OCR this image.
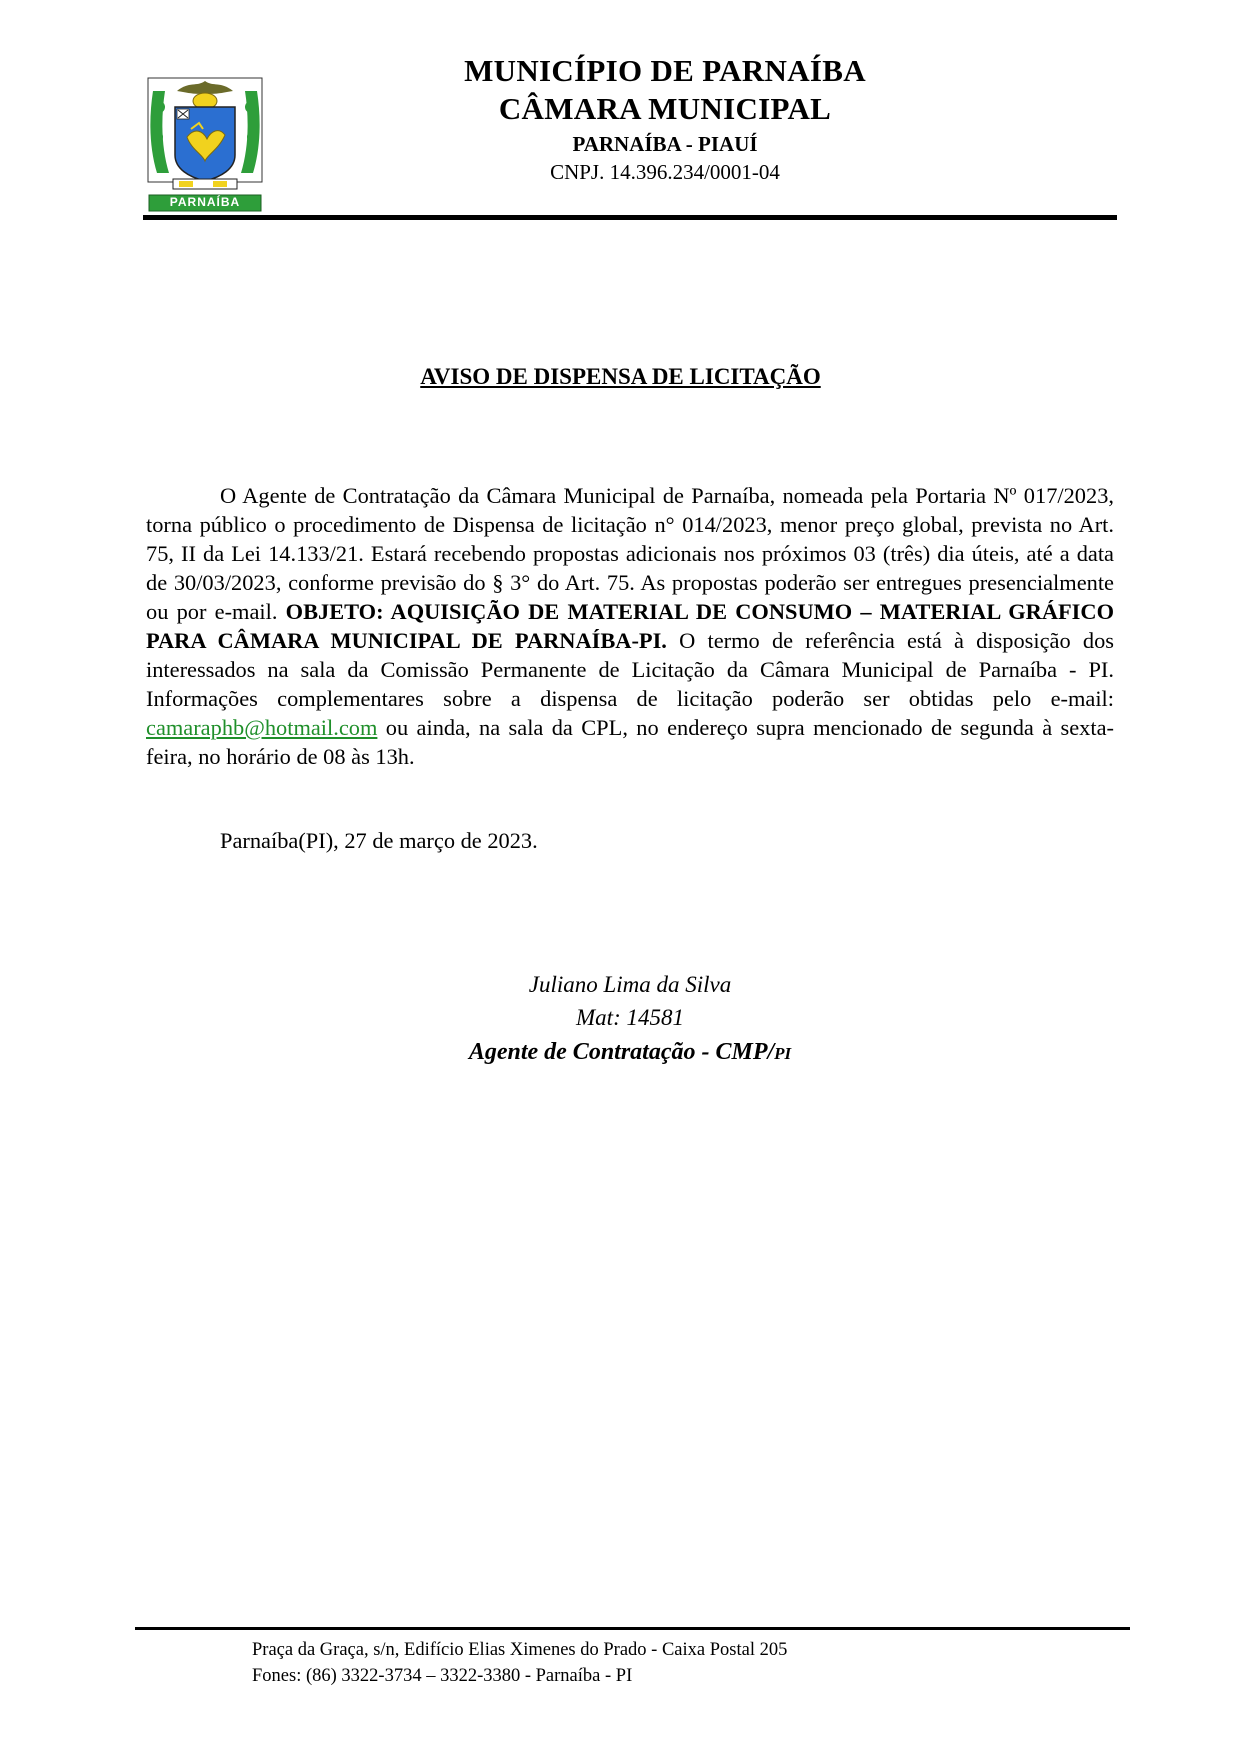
PARNAÍBA
MUNICÍPIO DE PARNAÍBA
CÂMARA MUNICIPAL
PARNAÍBA - PIAUÍ
CNPJ. 14.396.234/0001-04
AVISO DE DISPENSA DE LICITAÇÃO
O Agente de Contratação da Câmara Municipal de Parnaíba, nomeada pela Portaria Nº 017/2023, torna público o procedimento de Dispensa de licitação n° 014/2023, menor preço global, prevista no Art. 75, II da Lei 14.133/21. Estará recebendo propostas adicionais nos próximos 03 (três) dia úteis, até a data de 30/03/2023, conforme previsão do § 3° do Art. 75. As propostas poderão ser entregues presencialmente ou por e-mail. OBJETO: AQUISIÇÃO DE MATERIAL DE CONSUMO – MATERIAL GRÁFICO PARA CÂMARA MUNICIPAL DE PARNAÍBA-PI. O termo de referência está à disposição dos interessados na sala da Comissão Permanente de Licitação da Câmara Municipal de Parnaíba - PI. Informações complementares sobre a dispensa de licitação poderão ser obtidas pelo e-mail: camaraphb@hotmail.com ou ainda, na sala da CPL, no endereço supra mencionado de segunda à sexta-feira, no horário de 08 às 13h.
Parnaíba(PI), 27 de março de 2023.
Juliano Lima da Silva
Mat: 14581
Agente de Contratação - CMP/PI
Praça da Graça, s/n, Edifício Elias Ximenes do Prado - Caixa Postal 205
Fones: (86) 3322-3734 – 3322-3380 - Parnaíba - PI
